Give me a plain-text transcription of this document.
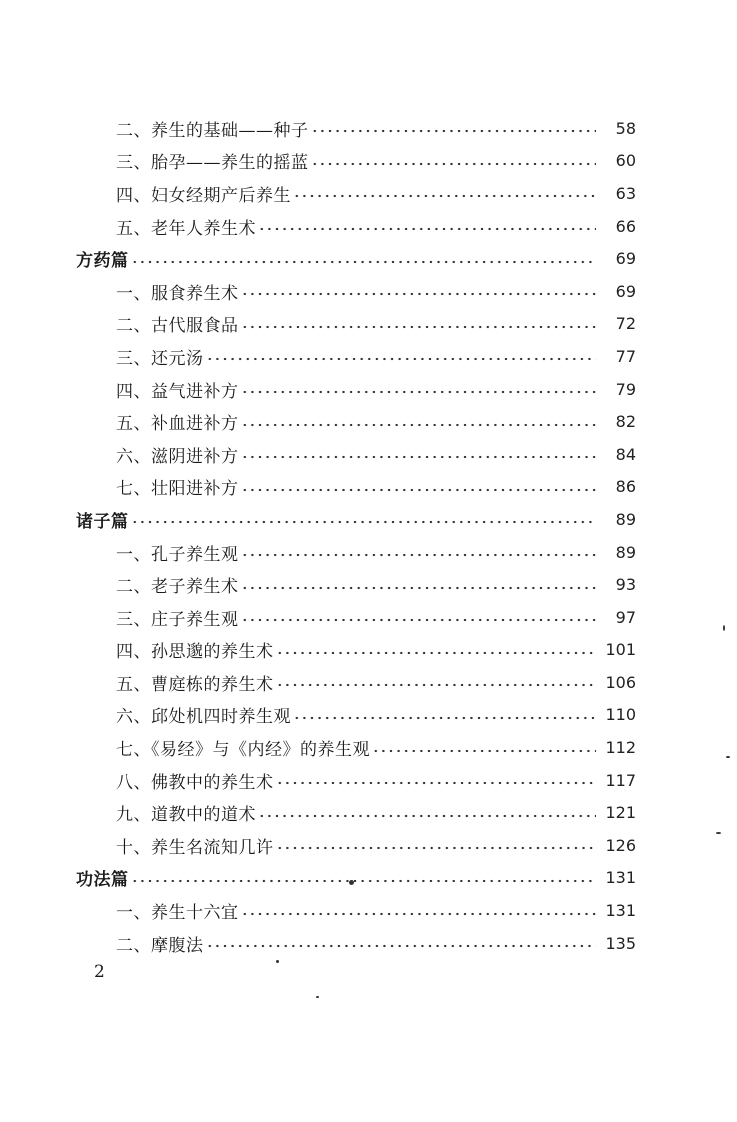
二、养生的基础——种子	58
三、胎孕——养生的摇蓝	60
四、妇女经期产后养生	63
五、老年人养生术	66
方药篇	69
一、服食养生术	69
二、古代服食品	72
三、还元汤	77
四、益气进补方	79
五、补血进补方	82
六、滋阴进补方	84
七、壮阳进补方	86
诸子篇	89
一、孔子养生观	89
二、老子养生术	93
三、庄子养生观	97
四、孙思邈的养生术	101
五、曹庭栋的养生术	106
六、邱处机四时养生观	110
七、《易经》与《内经》的养生观	112
八、佛教中的养生术	117
九、道教中的道术	121
十、养生名流知几许	126
功法篇	131
一、养生十六宜	131
二、摩腹法	135
2
